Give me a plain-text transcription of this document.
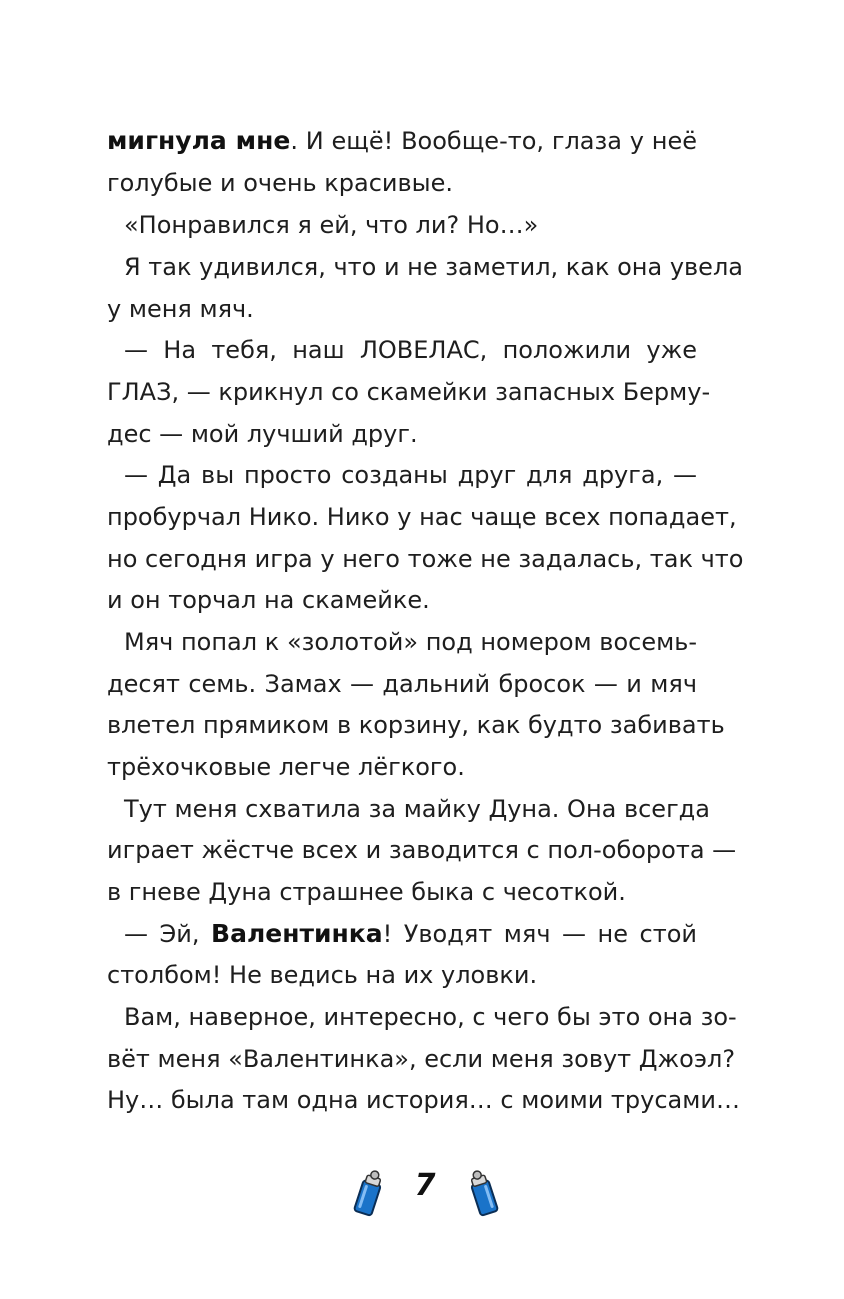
мигнула мне. И ещё! Вообще-то, глаза у неё
голубые и очень красивые.
«Понравился я ей, что ли? Но…»
Я так удивился, что и не заметил, как она увела
у меня мяч.
— На тебя, наш ЛОВЕЛАС, положили уже
ГЛАЗ, — крикнул со скамейки запасных Берму-
дес — мой лучший друг.
— Да вы просто созданы друг для друга, —
пробурчал Нико. Нико у нас чаще всех попадает,
но сегодня игра у него тоже не задалась, так что
и он торчал на скамейке.
Мяч попал к «золотой» под номером восемь-
десят семь. Замах — дальний бросок — и мяч
влетел прямиком в корзину, как будто забивать
трёхочковые легче лёгкого.
Тут меня схватила за майку Дуна. Она всегда
играет жёстче всех и заводится с пол-оборота —
в гневе Дуна страшнее быка с чесоткой.
— Эй, Валентинка! Уводят мяч — не стой
столбом! Не ведись на их уловки.
Вам, наверное, интересно, с чего бы это она зо-
вёт меня «Валентинка», если меня зовут Джоэл?
Ну… была там одна история… с моими трусами…
7
